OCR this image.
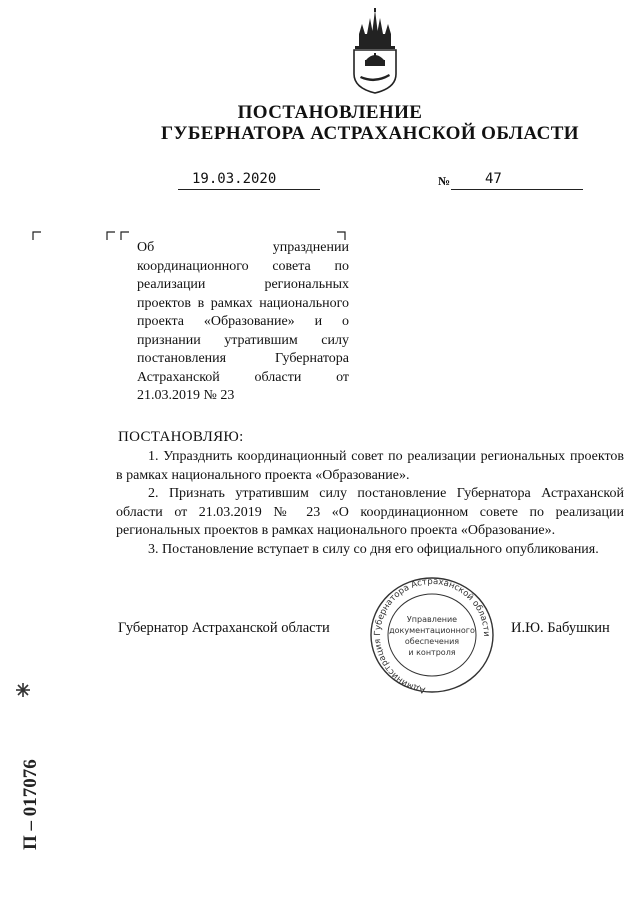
ПОСТАНОВЛЕНИЕ
ГУБЕРНАТОРА АСТРАХАНСКОЙ ОБЛАСТИ
19.03.2020	№	47
Об упразднении координационного совета по реализации региональных проектов в рамках национального проекта «Образование» и о признании утратившим силу постановления Губернатора Астраханской области от 21.03.2019 № 23
ПОСТАНОВЛЯЮ:

1. Упразднить координационный совет по реализации региональных проектов в рамках национального проекта «Образование».

2. Признать утратившим силу постановление Губернатора Астраханской области от 21.03.2019 № 23 «О координационном совете по реализации региональных проектов в рамках национального проекта «Образование».

3. Постановление вступает в силу со дня его официального опубликования.

Губернатор Астраханской области	И.Ю. Бабушкин
Администрация Губернатора Астраханской области
Управление
документационного
обеспечения
и контроля
П – 017076
